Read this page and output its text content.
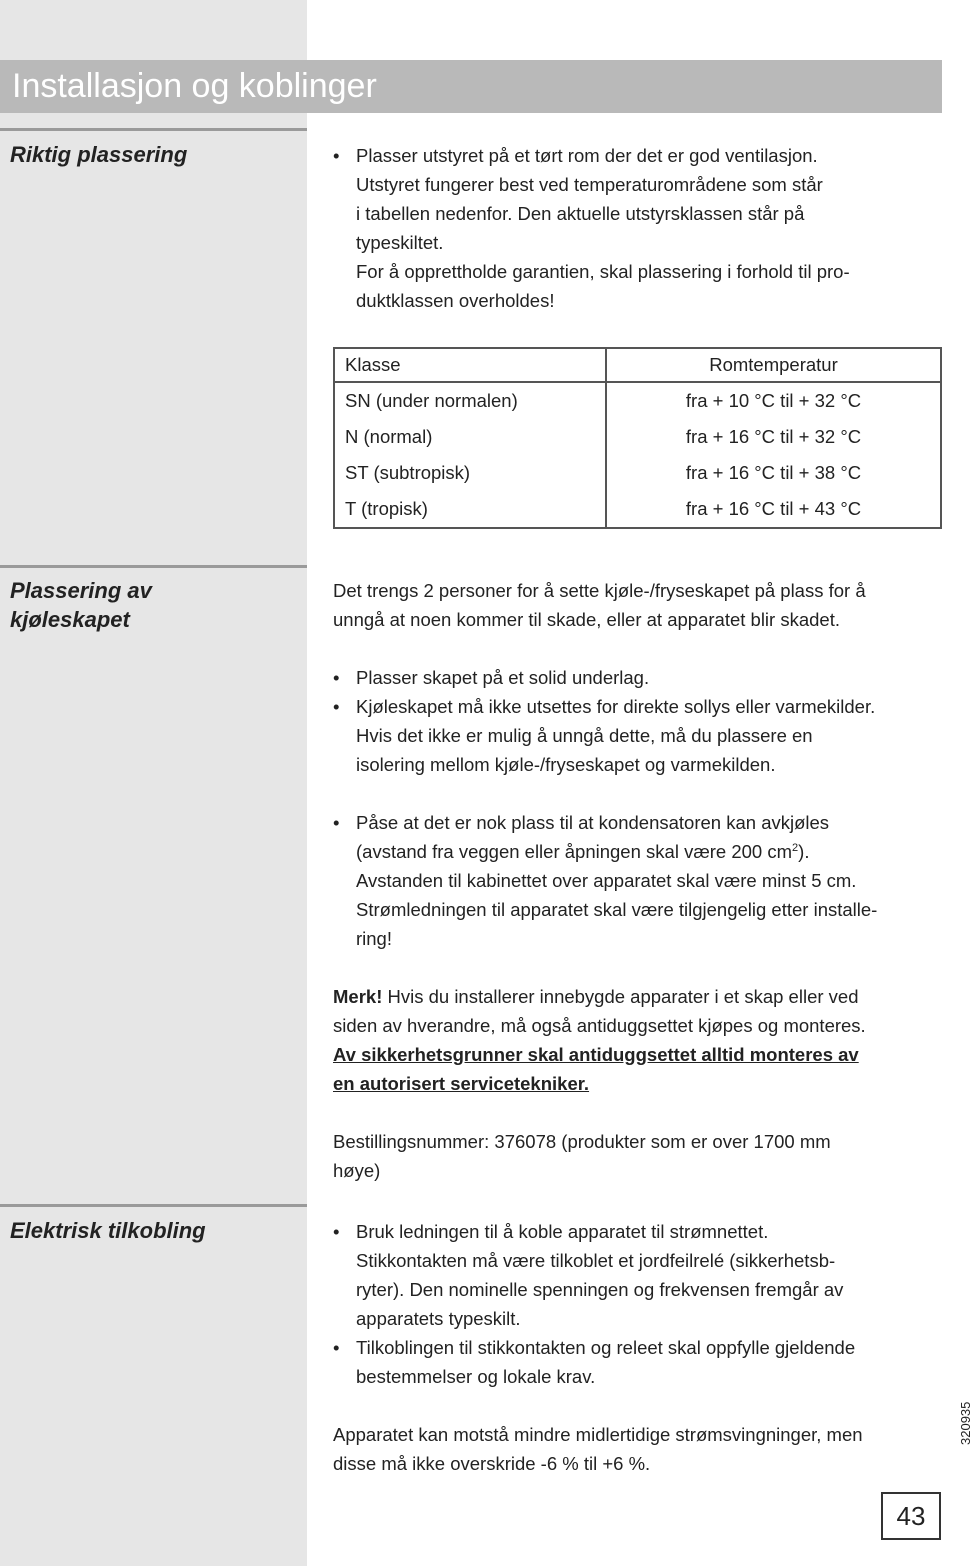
Installasjon og koblinger
Riktig plassering	• Plasser utstyret på et tørt rom der det er god ventilasjon.
Utstyret fungerer best ved temperaturområdene som står
i tabellen nedenfor. Den aktuelle utstyrsklassen står på
typeskiltet.
For å opprettholde garantien, skal plassering i forhold til pro-
duktklassen overholdes!
Klasse	Romtemperatur
SN (under normalen)	fra + 10 °C til + 32 °C
N (normal)	fra + 16 °C til + 32 °C
ST (subtropisk)	fra + 16 °C til + 38 °C
T (tropisk)	fra + 16 °C til + 43 °C
Plassering av
kjøleskapet

Det trengs 2 personer for å sette kjøle-/fryseskapet på plass for å
unngå at noen kommer til skade, eller at apparatet blir skadet.

• Plasser skapet på et solid underlag.
• Kjøleskapet må ikke utsettes for direkte sollys eller varmekilder.
Hvis det ikke er mulig å unngå dette, må du plassere en
isolering mellom kjøle-/fryseskapet og varmekilden.
• Påse at det er nok plass til at kondensatoren kan avkjøles
(avstand fra veggen eller åpningen skal være 200 $cm^2$).
Avstanden til kabinettet over apparatet skal være minst 5 cm.
Strømledningen til apparatet skal være tilgjengelig etter installe-
ring!

Merk! Hvis du installerer innebygde apparater i et skap eller ved
siden av hverandre, må også antiduggsettet kjøpes og monteres.
Av sikkerhetsgrunner skal antiduggsettet alltid monteres av
en autorisert servicetekniker.

Bestillingsnummer: 376078 (produkter som er over 1700 mm
høye)

Elektrisk tilkobling	• Bruk ledningen til å koble apparatet til strømnettet.
Stikkontakten må være tilkoblet et jordfeilrelé (sikkerhetsb-
ryter). Den nominelle spenningen og frekvensen fremgår av
apparatets typeskilt.
• Tilkoblingen til stikkontakten og releet skal oppfylle gjeldende
bestemmelser og lokale krav.

Apparatet kan motstå mindre midlertidige strømsvingninger, men
disse må ikke overskride -6 % til +6 %.

320935
43
